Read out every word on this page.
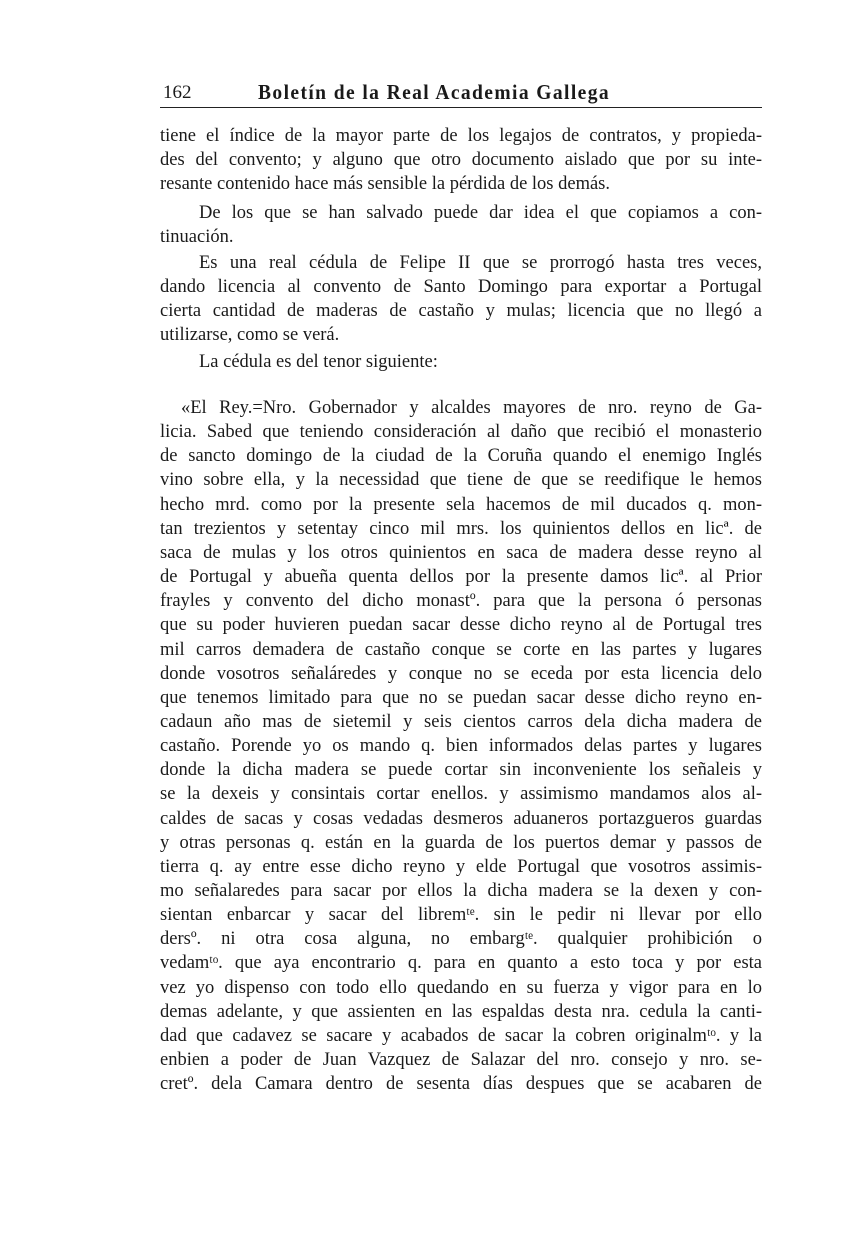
162	Boletín de la Real Academia Gallega
tiene el índice de la mayor parte de los legajos de contratos, y propieda-
des del convento; y alguno que otro documento aislado que por su inte-
resante contenido hace más sensible la pérdida de los demás.
De los que se han salvado puede dar idea el que copiamos a con-
tinuación.
Es una real cédula de Felipe II que se prorrogó hasta tres veces,
dando licencia al convento de Santo Domingo para exportar a Portugal
cierta cantidad de maderas de castaño y mulas; licencia que no llegó a
utilizarse, como se verá.
La cédula es del tenor siguiente:
«El Rey.=Nro. Gobernador y alcaldes mayores de nro. reyno de Ga-
licia. Sabed que teniendo consideración al daño que recibió el monasterio
de sancto domingo de la ciudad de la Coruña quando el enemigo Inglés
vino sobre ella, y la necessidad que tiene de que se reedifique le hemos
hecho mrd. como por la presente sela hacemos de mil ducados q. mon-
tan trezientos y setentay cinco mil mrs. los quinientos dellos en licª. de
saca de mulas y los otros quinientos en saca de madera desse reyno al
de Portugal y abueña quenta dellos por la presente damos licª. al Prior
frayles y convento del dicho monastº. para que la persona ó personas
que su poder huvieren puedan sacar desse dicho reyno al de Portugal tres
mil carros demadera de castaño conque se corte en las partes y lugares
donde vosotros señaláredes y conque no se eceda por esta licencia delo
que tenemos limitado para que no se puedan sacar desse dicho reyno en-
cadaun año mas de sietemil y seis cientos carros dela dicha madera de
castaño. Porende yo os mando q. bien informados delas partes y lugares
donde la dicha madera se puede cortar sin inconveniente los señaleis y
se la dexeis y consintais cortar enellos. y assimismo mandamos alos al-
caldes de sacas y cosas vedadas desmeros aduaneros portazgueros guardas
y otras personas q. están en la guarda de los puertos demar y passos de
tierra q. ay entre esse dicho reyno y elde Portugal que vosotros assimis-
mo señalaredes para sacar por ellos la dicha madera se la dexen y con-
sientan enbarcar y sacar del libremᵗᵉ. sin le pedir ni llevar por ello
dersº. ni otra cosa alguna, no embargᵗᵉ. qualquier prohibición o
vedamᵗᵒ. que aya encontrario q. para en quanto a esto toca y por esta
vez yo dispenso con todo ello quedando en su fuerza y vigor para en lo
demas adelante, y que assienten en las espaldas desta nra. cedula la canti-
dad que cadavez se sacare y acabados de sacar la cobren originalmᵗᵒ. y la
enbien a poder de Juan Vazquez de Salazar del nro. consejo y nro. se-
cretº. dela Camara dentro de sesenta días despues que se acabaren de
